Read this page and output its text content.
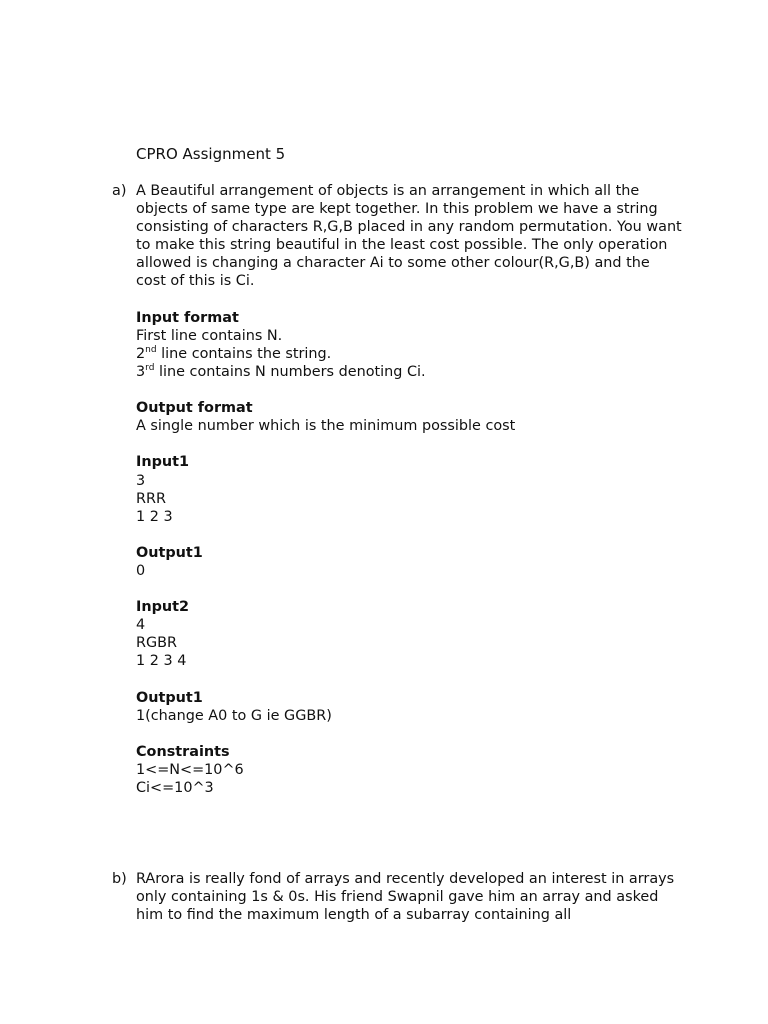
CPRO Assignment 5
a) A Beautiful arrangement of objects is an arrangement in which all the objects of same type are kept together. In this problem we have a string consisting of characters R,G,B placed in any random permutation. You want to make this string beautiful in the least cost possible. The only operation allowed is changing a character Ai to some other colour(R,G,B) and the cost of this is Ci.

Input format

First line contains N.

2nd line contains the string.

3rd line contains N numbers denoting Ci.

Output format

A single number which is the minimum possible cost

Input1

3

RRR

1 2 3

Output1

0

Input2

4

RGBR

1 2 3 4

Output1

1(change A0 to G ie GGBR)

Constraints

1<=N<=10^6

Ci<=10^3

b) RArora is really fond of arrays and recently developed an interest in arrays only containing 1s & 0s. His friend Swapnil gave him an array and asked him to find the maximum length of a subarray containing all
